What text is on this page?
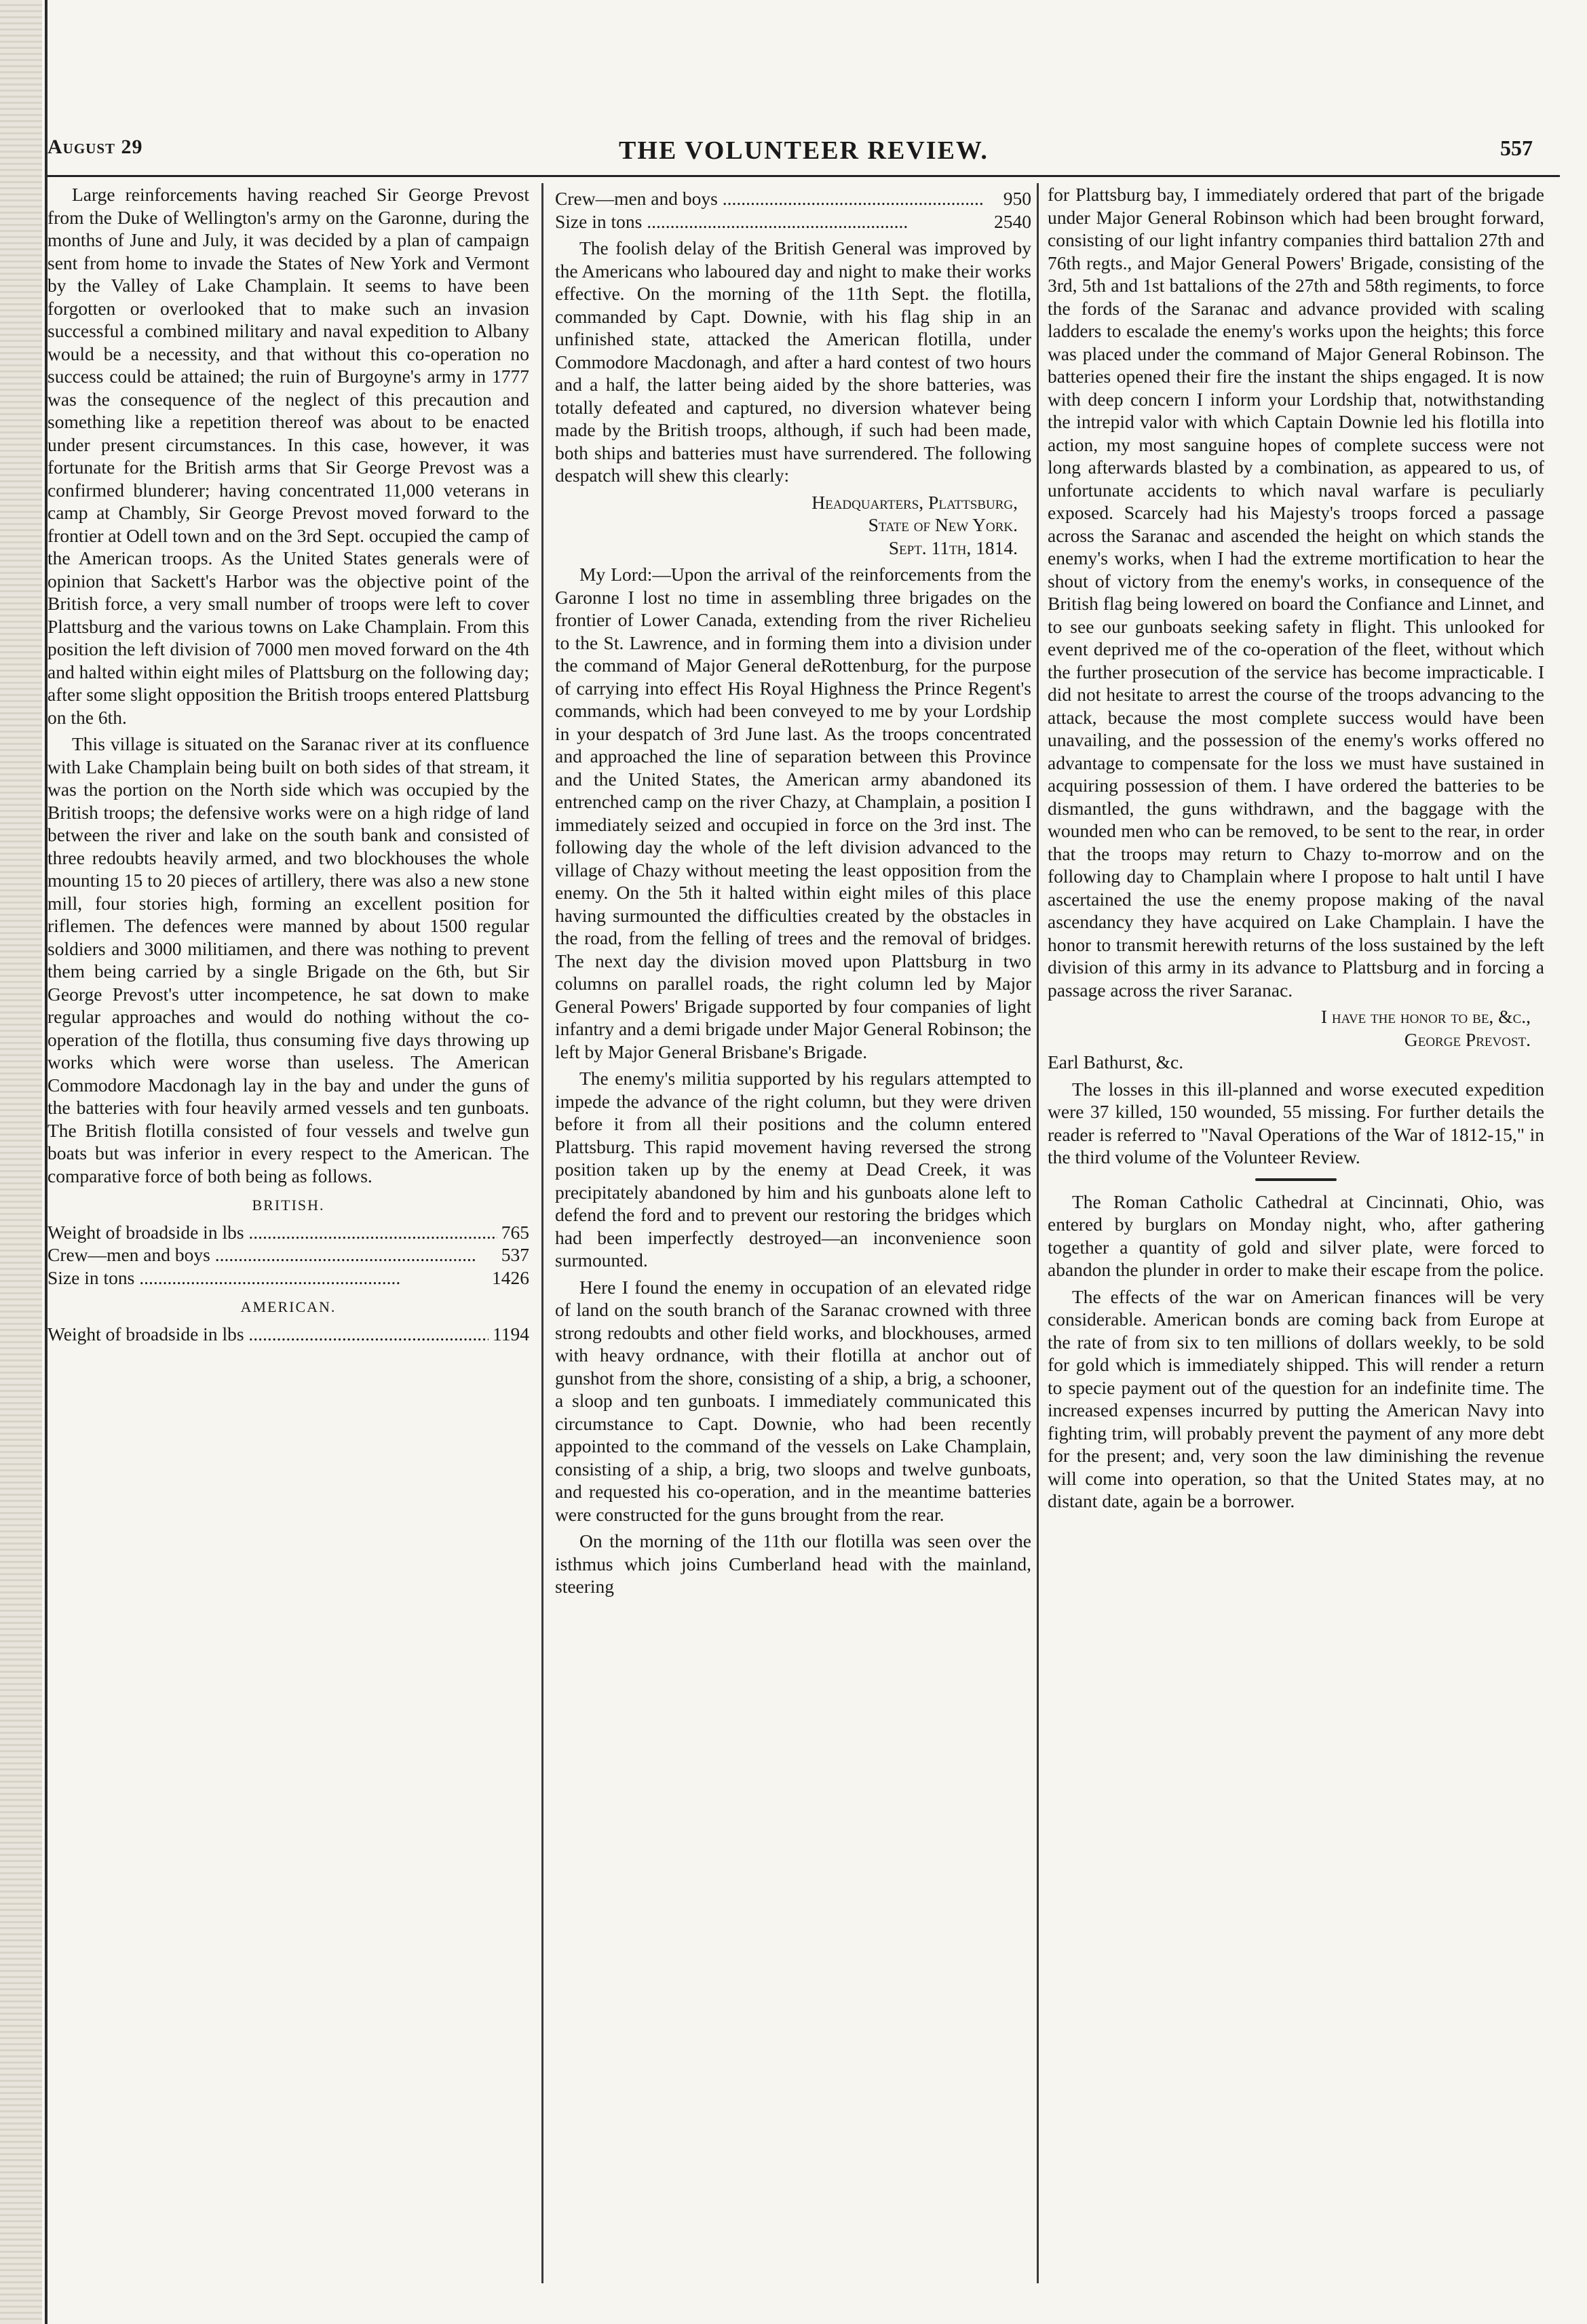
August 29	THE VOLUNTEER REVIEW.	557

Large reinforcements having reached Sir George Prevost from the Duke of Wellington's army on the Garonne, during the months of June and July, it was decided by a plan of campaign sent from home to invade the States of New York and Vermont by the Valley of Lake Champlain. It seems to have been forgotten or overlooked that to make such an invasion successful a combined military and naval expedition to Albany would be a necessity, and that without this co-operation no success could be attained; the ruin of Burgoyne's army in 1777 was the consequence of the neglect of this precaution and something like a repetition thereof was about to be enacted under present circumstances. In this case, however, it was fortunate for the British arms that Sir George Prevost was a confirmed blunderer; having concentrated 11,000 veterans in camp at Chambly, Sir George Prevost moved forward to the frontier at Odell town and on the 3rd Sept. occupied the camp of the American troops. As the United States generals were of opinion that Sackett's Harbor was the objective point of the British force, a very small number of troops were left to cover Plattsburg and the various towns on Lake Champlain. From this position the left division of 7000 men moved forward on the 4th and halted within eight miles of Plattsburg on the following day; after some slight opposition the British troops entered Plattsburg on the 6th.

This village is situated on the Saranac river at its confluence with Lake Champlain being built on both sides of that stream, it was the portion on the North side which was occupied by the British troops; the defensive works were on a high ridge of land between the river and lake on the south bank and consisted of three redoubts heavily armed, and two blockhouses the whole mounting 15 to 20 pieces of artillery, there was also a new stone mill, four stories high, forming an excellent position for riflemen. The defences were manned by about 1500 regular soldiers and 3000 militiamen, and there was nothing to prevent them being carried by a single Brigade on the 6th, but Sir George Prevost's utter incompetence, he sat down to make regular approaches and would do nothing without the co-operation of the flotilla, thus consuming five days throwing up works which were worse than useless. The American Commodore Macdonagh lay in the bay and under the guns of the batteries with four heavily armed vessels and ten gunboats. The British flotilla consisted of four vessels and twelve gun boats but was inferior in every respect to the American. The comparative force of both being as follows.

BRITISH.
Weight of broadside in lbs .....	765
Crew—men and boys .....	537
Size in tons .....	1426
AMERICAN.
Weight of broadside in lbs .....	1194
Crew—men and boys .....	950
Size in tons .....	2540

The foolish delay of the British General was improved by the Americans who laboured day and night to make their works effective. On the morning of the 11th Sept. the flotilla, commanded by Capt. Downie, with his flag ship in an unfinished state, attacked the American flotilla, under Commodore Macdonagh, and after a hard contest of two hours and a half, the latter being aided by the shore batteries, was totally defeated and captured, no diversion whatever being made by the British troops, although, if such had been made, both ships and batteries must have surrendered. The following despatch will shew this clearly:

Headquarters, Plattsburg,
State of New York.
Sept. 11th, 1814.

My Lord:—Upon the arrival of the reinforcements from the Garonne I lost no time in assembling three brigades on the frontier of Lower Canada, extending from the river Richelieu to the St. Lawrence, and in forming them into a division under the command of Major General deRottenburg, for the purpose of carrying into effect His Royal Highness the Prince Regent's commands, which had been conveyed to me by your Lordship in your despatch of 3rd June last. As the troops concentrated and approached the line of separation between this Province and the United States, the American army abandoned its entrenched camp on the river Chazy, at Champlain, a position I immediately seized and occupied in force on the 3rd inst. The following day the whole of the left division advanced to the village of Chazy without meeting the least opposition from the enemy. On the 5th it halted within eight miles of this place having surmounted the difficulties created by the obstacles in the road, from the felling of trees and the removal of bridges. The next day the division moved upon Plattsburg in two columns on parallel roads, the right column led by Major General Powers' Brigade supported by four companies of light infantry and a demi brigade under Major General Robinson; the left by Major General Brisbane's Brigade.

The enemy's militia supported by his regulars attempted to impede the advance of the right column, but they were driven before it from all their positions and the column entered Plattsburg. This rapid movement having reversed the strong position taken up by the enemy at Dead Creek, it was precipitately abandoned by him and his gunboats alone left to defend the ford and to prevent our restoring the bridges which had been imperfectly destroyed—an inconvenience soon surmounted.

Here I found the enemy in occupation of an elevated ridge of land on the south branch of the Saranac crowned with three strong redoubts and other field works, and blockhouses, armed with heavy ordnance, with their flotilla at anchor out of gunshot from the shore, consisting of a ship, a brig, a schooner, a sloop and ten gunboats. I immediately communicated this circumstance to Capt. Downie, who had been recently appointed to the command of the vessels on Lake Champlain, consisting of a ship, a brig, two sloops and twelve gunboats, and requested his co-operation, and in the meantime batteries were constructed for the guns brought from the rear.

On the morning of the 11th our flotilla was seen over the isthmus which joins Cumberland head with the mainland, steering

for Plattsburg bay, I immediately ordered that part of the brigade under Major General Robinson which had been brought forward, consisting of our light infantry companies third battalion 27th and 76th regts., and Major General Powers' Brigade, consisting of the 3rd, 5th and 1st battalions of the 27th and 58th regiments, to force the fords of the Saranac and advance provided with scaling ladders to escalade the enemy's works upon the heights; this force was placed under the command of Major General Robinson. The batteries opened their fire the instant the ships engaged. It is now with deep concern I inform your Lordship that, notwithstanding the intrepid valor with which Captain Downie led his flotilla into action, my most sanguine hopes of complete success were not long afterwards blasted by a combination, as appeared to us, of unfortunate accidents to which naval warfare is peculiarly exposed. Scarcely had his Majesty's troops forced a passage across the Saranac and ascended the height on which stands the enemy's works, when I had the extreme mortification to hear the shout of victory from the enemy's works, in consequence of the British flag being lowered on board the Confiance and Linnet, and to see our gunboats seeking safety in flight. This unlooked for event deprived me of the co-operation of the fleet, without which the further prosecution of the service has become impracticable. I did not hesitate to arrest the course of the troops advancing to the attack, because the most complete success would have been unavailing, and the possession of the enemy's works offered no advantage to compensate for the loss we must have sustained in acquiring possession of them. I have ordered the batteries to be dismantled, the guns withdrawn, and the baggage with the wounded men who can be removed, to be sent to the rear, in order that the troops may return to Chazy to-morrow and on the following day to Champlain where I propose to halt until I have ascertained the use the enemy propose making of the naval ascendancy they have acquired on Lake Champlain. I have the honor to transmit herewith returns of the loss sustained by the left division of this army in its advance to Plattsburg and in forcing a passage across the river Saranac.

I have the honor to be, &c.,
George Prevost.

Earl Bathurst, &c.

The losses in this ill-planned and worse executed expedition were 37 killed, 150 wounded, 55 missing. For further details the reader is referred to "Naval Operations of the War of 1812-15," in the third volume of the Volunteer Review.

The Roman Catholic Cathedral at Cincinnati, Ohio, was entered by burglars on Monday night, who, after gathering together a quantity of gold and silver plate, were forced to abandon the plunder in order to make their escape from the police.

The effects of the war on American finances will be very considerable. American bonds are coming back from Europe at the rate of from six to ten millions of dollars weekly, to be sold for gold which is immediately shipped. This will render a return to specie payment out of the question for an indefinite time. The increased expenses incurred by putting the American Navy into fighting trim, will probably prevent the payment of any more debt for the present; and, very soon the law diminishing the revenue will come into operation, so that the United States may, at no distant date, again be a borrower.
